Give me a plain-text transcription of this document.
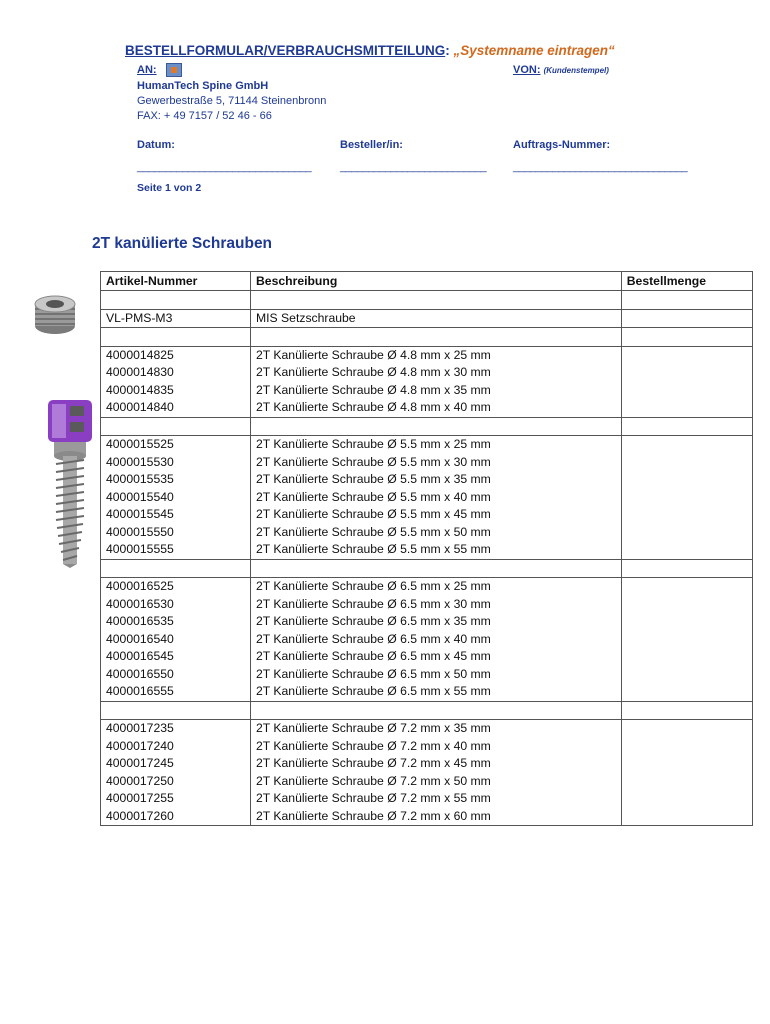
BESTELLFORMULAR/VERBRAUCHSMITTEILUNG: „Systemname eintragen“
AN:	VON: (Kundenstempel)
HumanTech Spine GmbH
Gewerbestraße 5, 71144 Steinenbronn
FAX: + 49 7157 / 52 46 - 66
Datum:	Besteller/in:	Auftrags-Nummer:
_______________________________	__________________________ _______________________________
Seite 1 von 2
2T kanülierte Schrauben
Artikel-Nummer	Beschreibung	Bestellmenge

VL-PMS-M3	MIS Setzschraube	

4000014825	2T Kanülierte Schraube Ø 4.8 mm x 25 mm	
4000014830	2T Kanülierte Schraube Ø 4.8 mm x 30 mm	
4000014835	2T Kanülierte Schraube Ø 4.8 mm x 35 mm	
4000014840	2T Kanülierte Schraube Ø 4.8 mm x 40 mm	

4000015525	2T Kanülierte Schraube Ø 5.5 mm x 25 mm	
4000015530	2T Kanülierte Schraube Ø 5.5 mm x 30 mm	
4000015535	2T Kanülierte Schraube Ø 5.5 mm x 35 mm	
4000015540	2T Kanülierte Schraube Ø 5.5 mm x 40 mm	
4000015545	2T Kanülierte Schraube Ø 5.5 mm x 45 mm	
4000015550	2T Kanülierte Schraube Ø 5.5 mm x 50 mm	
4000015555	2T Kanülierte Schraube Ø 5.5 mm x 55 mm	

4000016525	2T Kanülierte Schraube Ø 6.5 mm x 25 mm	
4000016530	2T Kanülierte Schraube Ø 6.5 mm x 30 mm	
4000016535	2T Kanülierte Schraube Ø 6.5 mm x 35 mm	
4000016540	2T Kanülierte Schraube Ø 6.5 mm x 40 mm	
4000016545	2T Kanülierte Schraube Ø 6.5 mm x 45 mm	
4000016550	2T Kanülierte Schraube Ø 6.5 mm x 50 mm	
4000016555	2T Kanülierte Schraube Ø 6.5 mm x 55 mm	

4000017235	2T Kanülierte Schraube Ø 7.2 mm x 35 mm	
4000017240	2T Kanülierte Schraube Ø 7.2 mm x 40 mm	
4000017245	2T Kanülierte Schraube Ø 7.2 mm x 45 mm	
4000017250	2T Kanülierte Schraube Ø 7.2 mm x 50 mm	
4000017255	2T Kanülierte Schraube Ø 7.2 mm x 55 mm	
4000017260	2T Kanülierte Schraube Ø 7.2 mm x 60 mm	
